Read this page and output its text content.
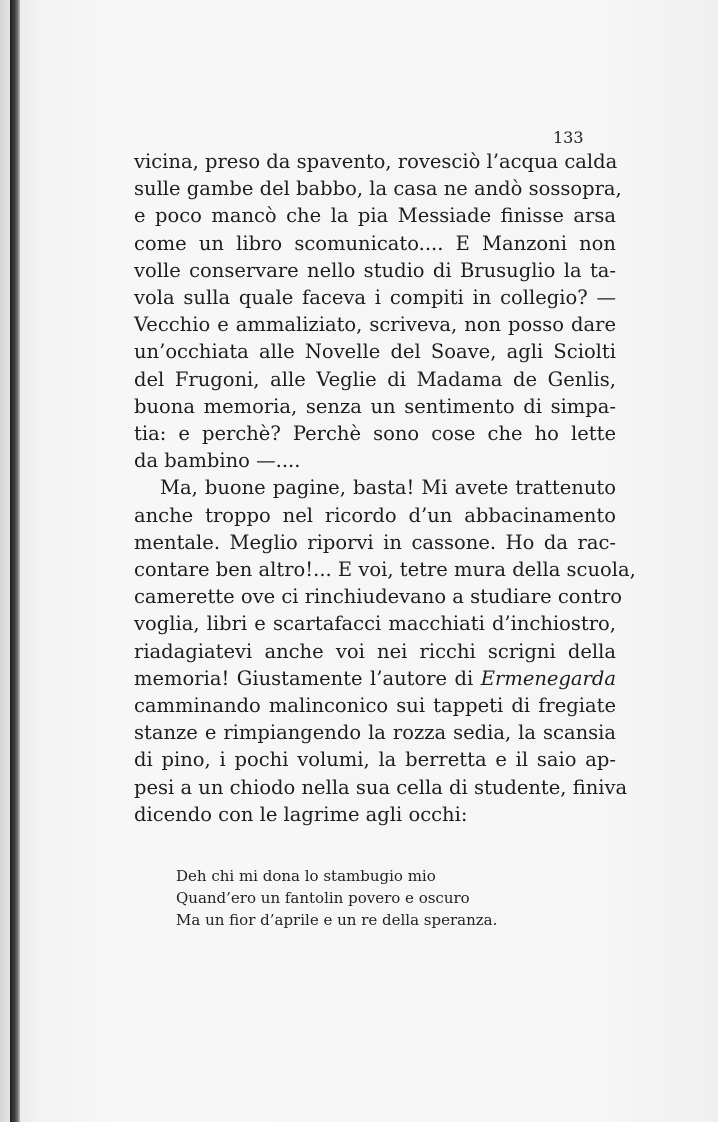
133

vicina, preso da spavento, rovesciò l’acqua calda
sulle gambe del babbo, la casa ne andò sossopra,
e poco mancò che la pia Messiade finisse arsa
come un libro scomunicato.... E Manzoni non
volle conservare nello studio di Brusuglio la ta-
vola sulla quale faceva i compiti in collegio? —
Vecchio e ammaliziato, scriveva, non posso dare
un’occhiata alle Novelle del Soave, agli Sciolti
del Frugoni, alle Veglie di Madama de Genlis,
buona memoria, senza un sentimento di simpa-
tia: e perchè? Perchè sono cose che ho lette
da bambino —....
Ma, buone pagine, basta! Mi avete trattenuto
anche troppo nel ricordo d’un abbacinamento
mentale. Meglio riporvi in cassone. Ho da rac-
contare ben altro!... E voi, tetre mura della scuola,
camerette ove ci rinchiudevano a studiare contro
voglia, libri e scartafacci macchiati d’inchiostro,
riadagiatevi anche voi nei ricchi scrigni della
memoria! Giustamente l’autore di Ermenegarda
camminando malinconico sui tappeti di fregiate
stanze e rimpiangendo la rozza sedia, la scansia
di pino, i pochi volumi, la berretta e il saio ap-
pesi a un chiodo nella sua cella di studente, finiva
dicendo con le lagrime agli occhi:
Deh chi mi dona lo stambugio mio
Quand’ero un fantolin povero e oscuro
Ma un fior d’aprile e un re della speranza.
